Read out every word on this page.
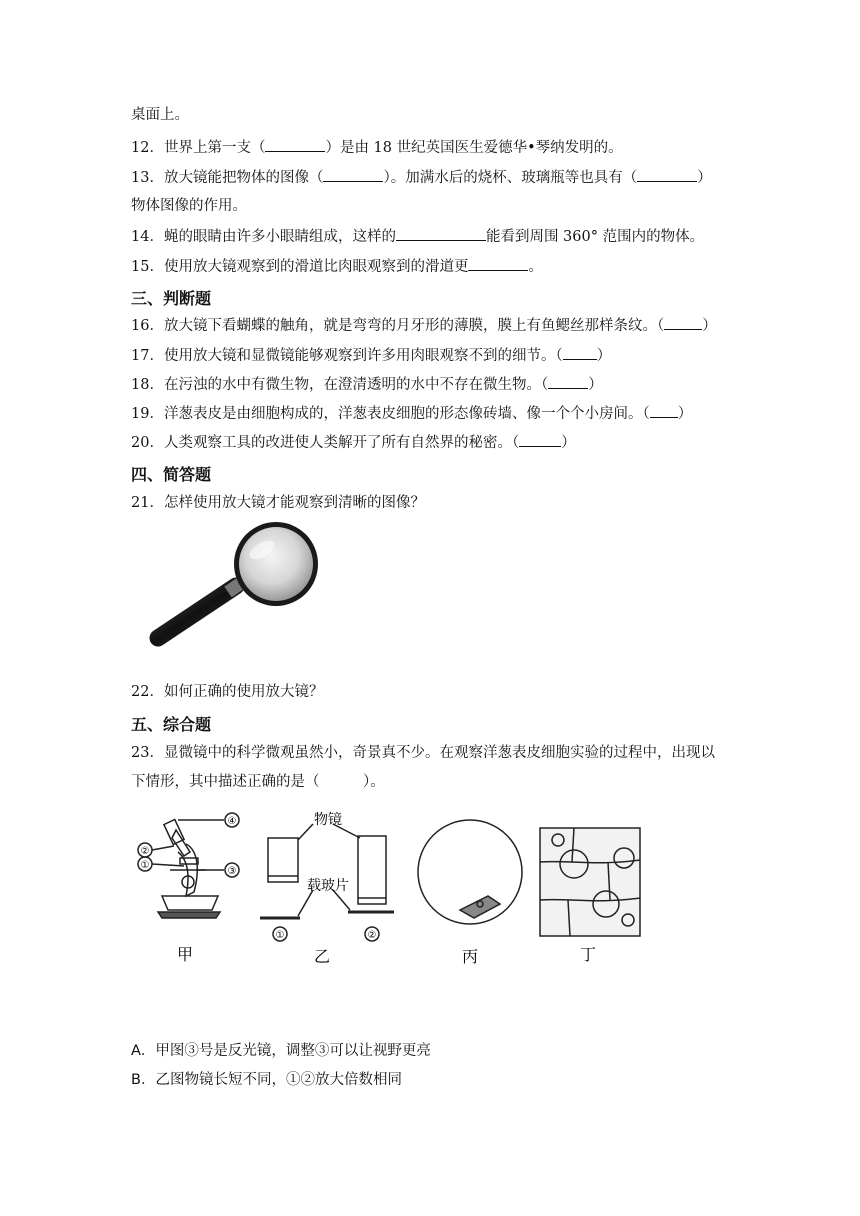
桌面上。
12．世界上第一支（	）是由 18 世纪英国医生爱德华•琴纳发明的。
13．放大镜能把物体的图像（	）。加满水后的烧杯、玻璃瓶等也具有（	）
物体图像的作用。
14．蝇的眼睛由许多小眼睛组成，这样的	能看到周围 360° 范围内的物体。
15．使用放大镜观察到的滑道比肉眼观察到的滑道更	。
三、判断题
16．放大镜下看蝴蝶的触角，就是弯弯的月牙形的薄膜，膜上有鱼鳃丝那样条纹。（	）
17．使用放大镜和显微镜能够观察到许多用肉眼观察不到的细节。（ ）
18．在污浊的水中有微生物，在澄清透明的水中不存在微生物。（	）
19．洋葱表皮是由细胞构成的，洋葱表皮细胞的形态像砖墙、像一个个小房间。（ ）
20．人类观察工具的改进使人类解开了所有自然界的秘密。（	）
四、简答题
21．怎样使用放大镜才能观察到清晰的图像？
22．如何正确的使用放大镜？
五、综合题
23．显微镜中的科学微观虽然小，奇景真不少。在观察洋葱表皮细胞实验的过程中，出现以
下情形，其中描述正确的是（　　　）。
④
②
①
③
甲
物镜
载玻片
①	②
乙	丙	丁
A．甲图③号是反光镜，调整③可以让视野更亮
B．乙图物镜长短不同，①②放大倍数相同
